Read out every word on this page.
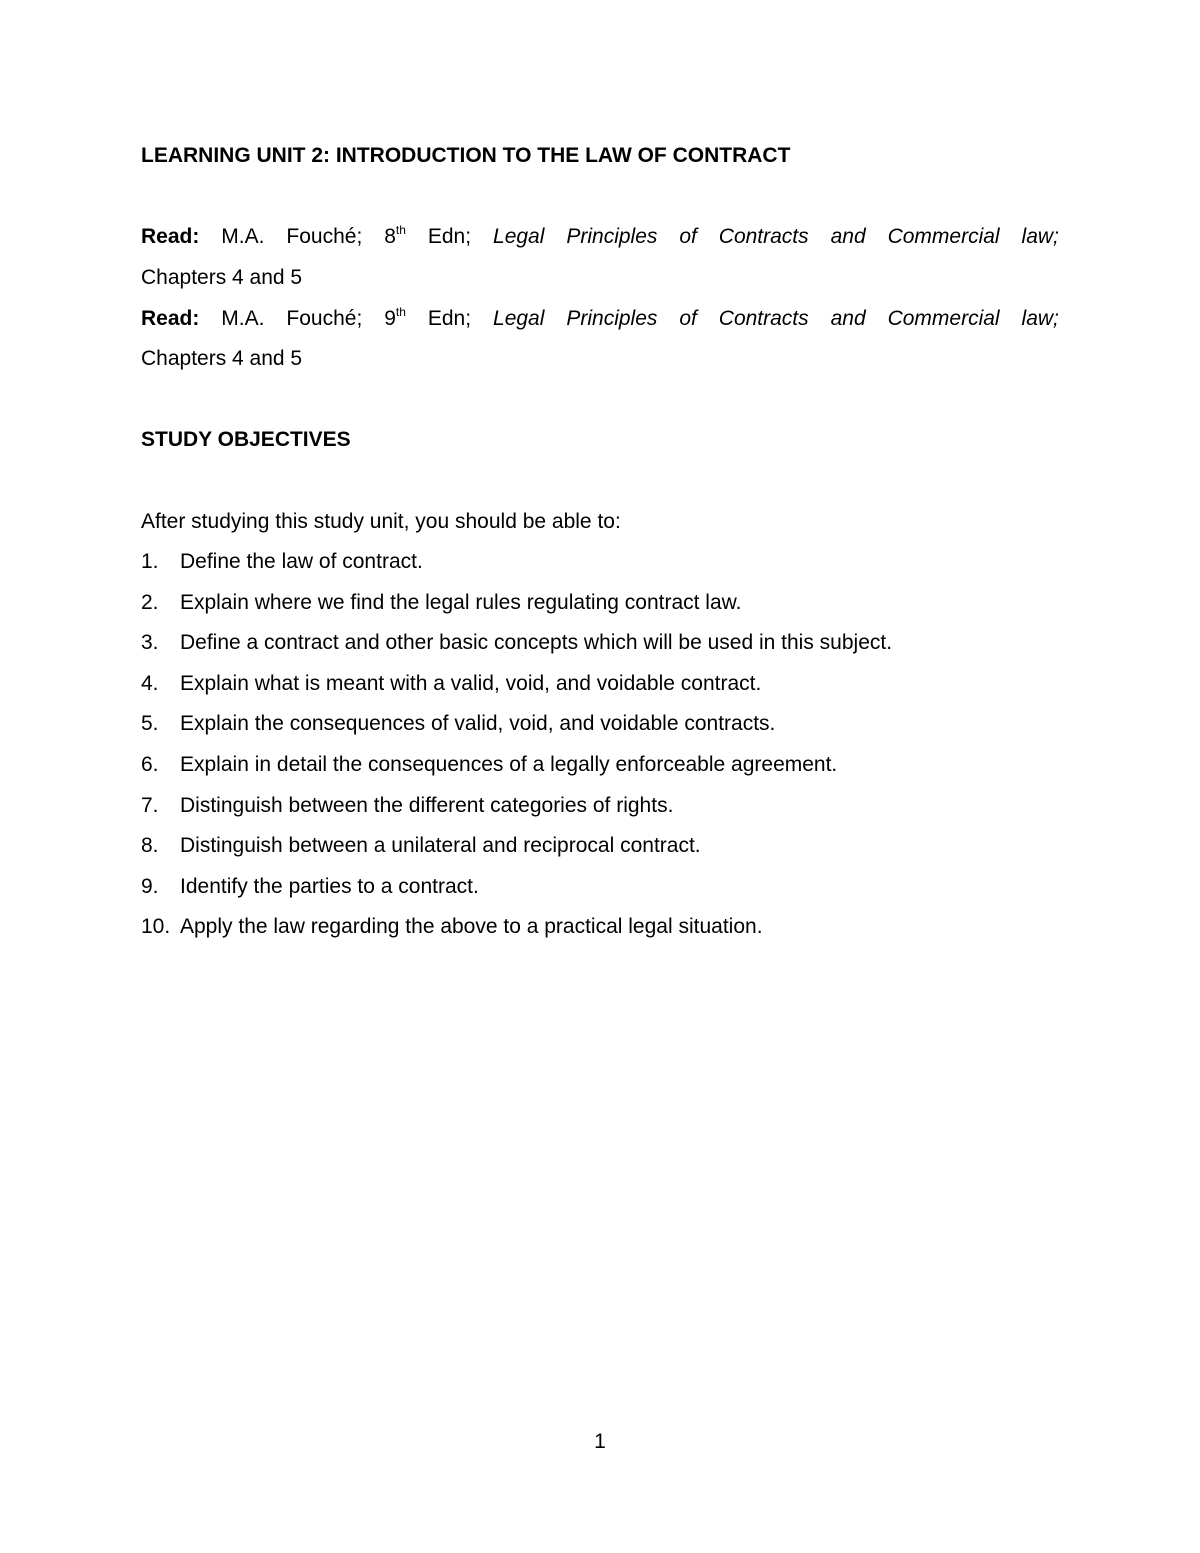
LEARNING UNIT 2: INTRODUCTION TO THE LAW OF CONTRACT
Read: M.A. Fouché; 8th Edn; Legal Principles of Contracts and Commercial law;
Chapters 4 and 5
Read: M.A. Fouché; 9th Edn; Legal Principles of Contracts and Commercial law;
Chapters 4 and 5
STUDY OBJECTIVES
After studying this study unit, you should be able to:
1. Define the law of contract.
2. Explain where we find the legal rules regulating contract law.
3. Define a contract and other basic concepts which will be used in this subject.
4. Explain what is meant with a valid, void, and voidable contract.
5. Explain the consequences of valid, void, and voidable contracts.
6. Explain in detail the consequences of a legally enforceable agreement.
7. Distinguish between the different categories of rights.
8. Distinguish between a unilateral and reciprocal contract.
9. Identify the parties to a contract.
10. Apply the law regarding the above to a practical legal situation.
1
